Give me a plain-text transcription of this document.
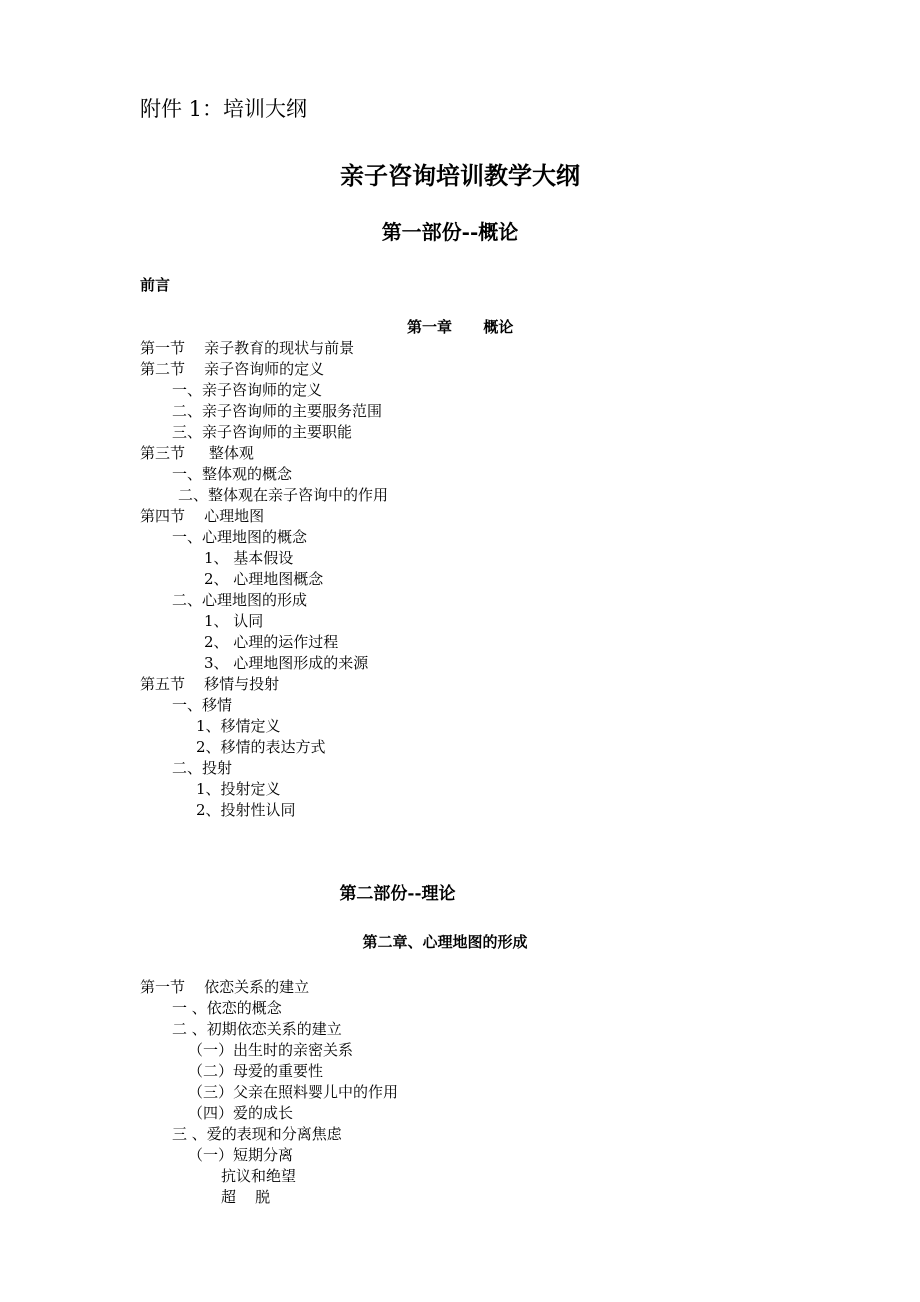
附件 1：培训大纲
亲子咨询培训教学大纲
第一部份--概论
前言
第一章      概论
第一节    亲子教育的现状与前景
第二节    亲子咨询师的定义
一、亲子咨询师的定义
二、亲子咨询师的主要服务范围
三、亲子咨询师的主要职能
第三节     整体观
一、整体观的概念
二、整体观在亲子咨询中的作用
第四节    心理地图
一、心理地图的概念
1、 基本假设
2、 心理地图概念
二、心理地图的形成
1、 认同
2、 心理的运作过程
3、 心理地图形成的来源
第五节    移情与投射
一、移情
1、移情定义
2、移情的表达方式
二、投射
1、投射定义
2、投射性认同
第二部份--理论
第二章、心理地图的形成
第一节    依恋关系的建立
一 、依恋的概念
二 、初期依恋关系的建立
（一）出生时的亲密关系
（二）母爱的重要性
（三）父亲在照料婴儿中的作用
（四）爱的成长
三 、爱的表现和分离焦虑
（一）短期分离
抗议和绝望
超    脱
